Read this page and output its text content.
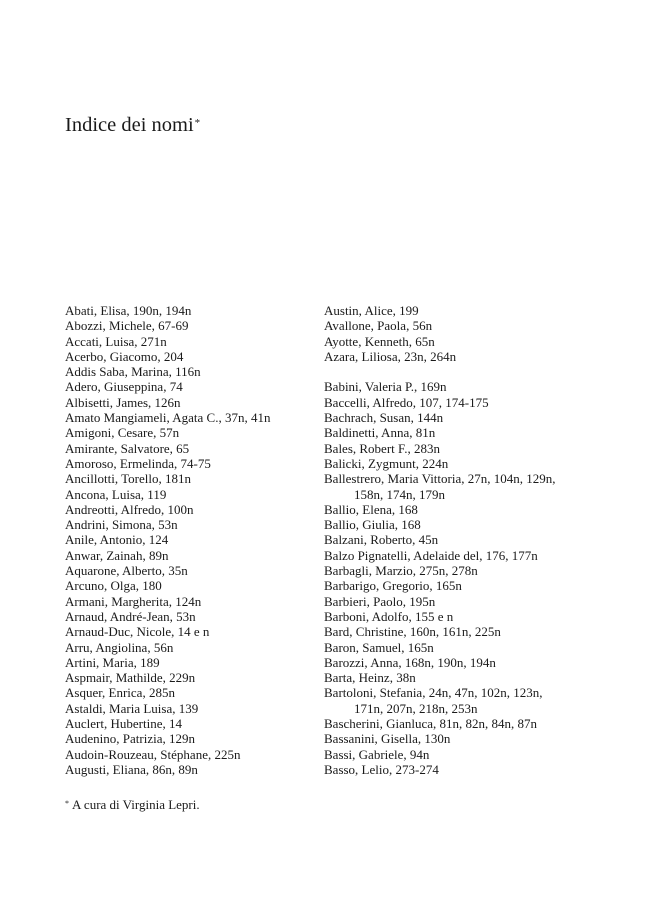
Indice dei nomi*
Abati, Elisa, 190n, 194n
Abozzi, Michele, 67-69
Accati, Luisa, 271n
Acerbo, Giacomo, 204
Addis Saba, Marina, 116n
Adero, Giuseppina, 74
Albisetti, James, 126n
Amato Mangiameli, Agata C., 37n, 41n
Amigoni, Cesare, 57n
Amirante, Salvatore, 65
Amoroso, Ermelinda, 74-75
Ancillotti, Torello, 181n
Ancona, Luisa, 119
Andreotti, Alfredo, 100n
Andrini, Simona, 53n
Anile, Antonio, 124
Anwar, Zainah, 89n
Aquarone, Alberto, 35n
Arcuno, Olga, 180
Armani, Margherita, 124n
Arnaud, André-Jean, 53n
Arnaud-Duc, Nicole, 14 e n
Arru, Angiolina, 56n
Artini, Maria, 189
Aspmair, Mathilde, 229n
Asquer, Enrica, 285n
Astaldi, Maria Luisa, 139
Auclert, Hubertine, 14
Audenino, Patrizia, 129n
Audoin-Rouzeau, Stéphane, 225n
Augusti, Eliana, 86n, 89n
Austin, Alice, 199
Avallone, Paola, 56n
Ayotte, Kenneth, 65n
Azara, Liliosa, 23n, 264n
Babini, Valeria P., 169n
Baccelli, Alfredo, 107, 174-175
Bachrach, Susan, 144n
Baldinetti, Anna, 81n
Bales, Robert F., 283n
Balicki, Zygmunt, 224n
Ballestrero, Maria Vittoria, 27n, 104n, 129n,
158n, 174n, 179n
Ballio, Elena, 168
Ballio, Giulia, 168
Balzani, Roberto, 45n
Balzo Pignatelli, Adelaide del, 176, 177n
Barbagli, Marzio, 275n, 278n
Barbarigo, Gregorio, 165n
Barbieri, Paolo, 195n
Barboni, Adolfo, 155 e n
Bard, Christine, 160n, 161n, 225n
Baron, Samuel, 165n
Barozzi, Anna, 168n, 190n, 194n
Barta, Heinz, 38n
Bartoloni, Stefania, 24n, 47n, 102n, 123n,
171n, 207n, 218n, 253n
Bascherini, Gianluca, 81n, 82n, 84n, 87n
Bassanini, Gisella, 130n
Bassi, Gabriele, 94n
Basso, Lelio, 273-274
* A cura di Virginia Lepri.
